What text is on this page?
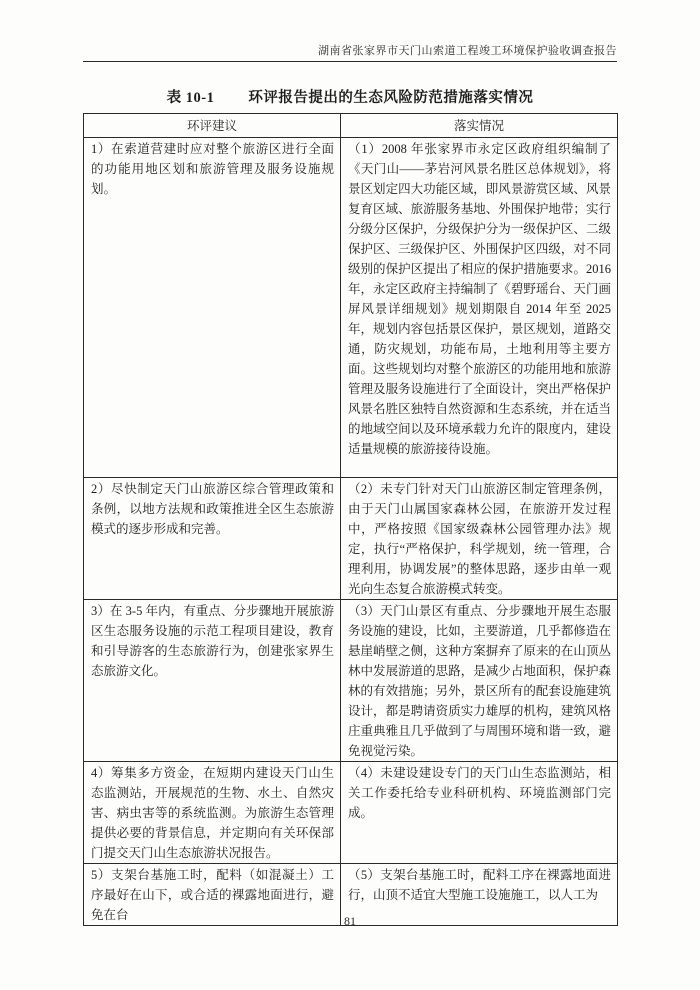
湖南省张家界市天门山索道工程竣工环境保护验收调查报告
表 10-1 环评报告提出的生态风险防范措施落实情况
环评建议	落实情况
1）在索道营建时应对整个旅游区进行全面的功能用地区划和旅游管理及服务设施规划。	（1）2008 年张家界市永定区政府组织编制了《天门山——茅岩河风景名胜区总体规划》，将景区划定四大功能区域，即风景游赏区域、风景复育区域、旅游服务基地、外围保护地带；实行分级分区保护，分级保护分为一级保护区、二级保护区、三级保护区、外围保护区四级，对不同级别的保护区提出了相应的保护措施要求。2016 年，永定区政府主持编制了《碧野瑶台、天门画屏风景详细规划》规划期限自 2014 年至 2025 年，规划内容包括景区保护，景区规划，道路交通，防灾规划，功能布局，土地利用等主要方面。这些规划均对整个旅游区的功能用地和旅游管理及服务设施进行了全面设计，突出严格保护风景名胜区独特自然资源和生态系统，并在适当的地域空间以及环境承载力允许的限度内，建设适量规模的旅游接待设施。
2）尽快制定天门山旅游区综合管理政策和条例，以地方法规和政策推进全区生态旅游模式的逐步形成和完善。	（2）未专门针对天门山旅游区制定管理条例，由于天门山属国家森林公园，在旅游开发过程中，严格按照《国家级森林公园管理办法》规定，执行“严格保护，科学规划，统一管理，合理利用，协调发展”的整体思路，逐步由单一观光向生态复合旅游模式转变。
3）在 3-5 年内，有重点、分步骤地开展旅游区生态服务设施的示范工程项目建设，教育和引导游客的生态旅游行为，创建张家界生态旅游文化。	（3）天门山景区有重点、分步骤地开展生态服务设施的建设，比如，主要游道，几乎都修造在悬崖峭壁之侧，这种方案摒弃了原来的在山顶丛林中发展游道的思路，是减少占地面积，保护森林的有效措施；另外，景区所有的配套设施建筑设计，都是聘请资质实力雄厚的机构，建筑风格庄重典雅且几乎做到了与周围环境和谐一致，避免视觉污染。
4）筹集多方资金，在短期内建设天门山生态监测站，开展规范的生物、水土、自然灾害、病虫害等的系统监测。为旅游生态管理提供必要的背景信息，并定期向有关环保部门提交天门山生态旅游状况报告。	（4）未建设建设专门的天门山生态监测站，相关工作委托给专业科研机构、环境监测部门完成。
5）支架台基施工时，配料（如混凝土）工序最好在山下，或合适的裸露地面进行，避免在台	（5）支架台基施工时，配料工序在裸露地面进行，山顶不适宜大型施工设施施工，以人工为
81
